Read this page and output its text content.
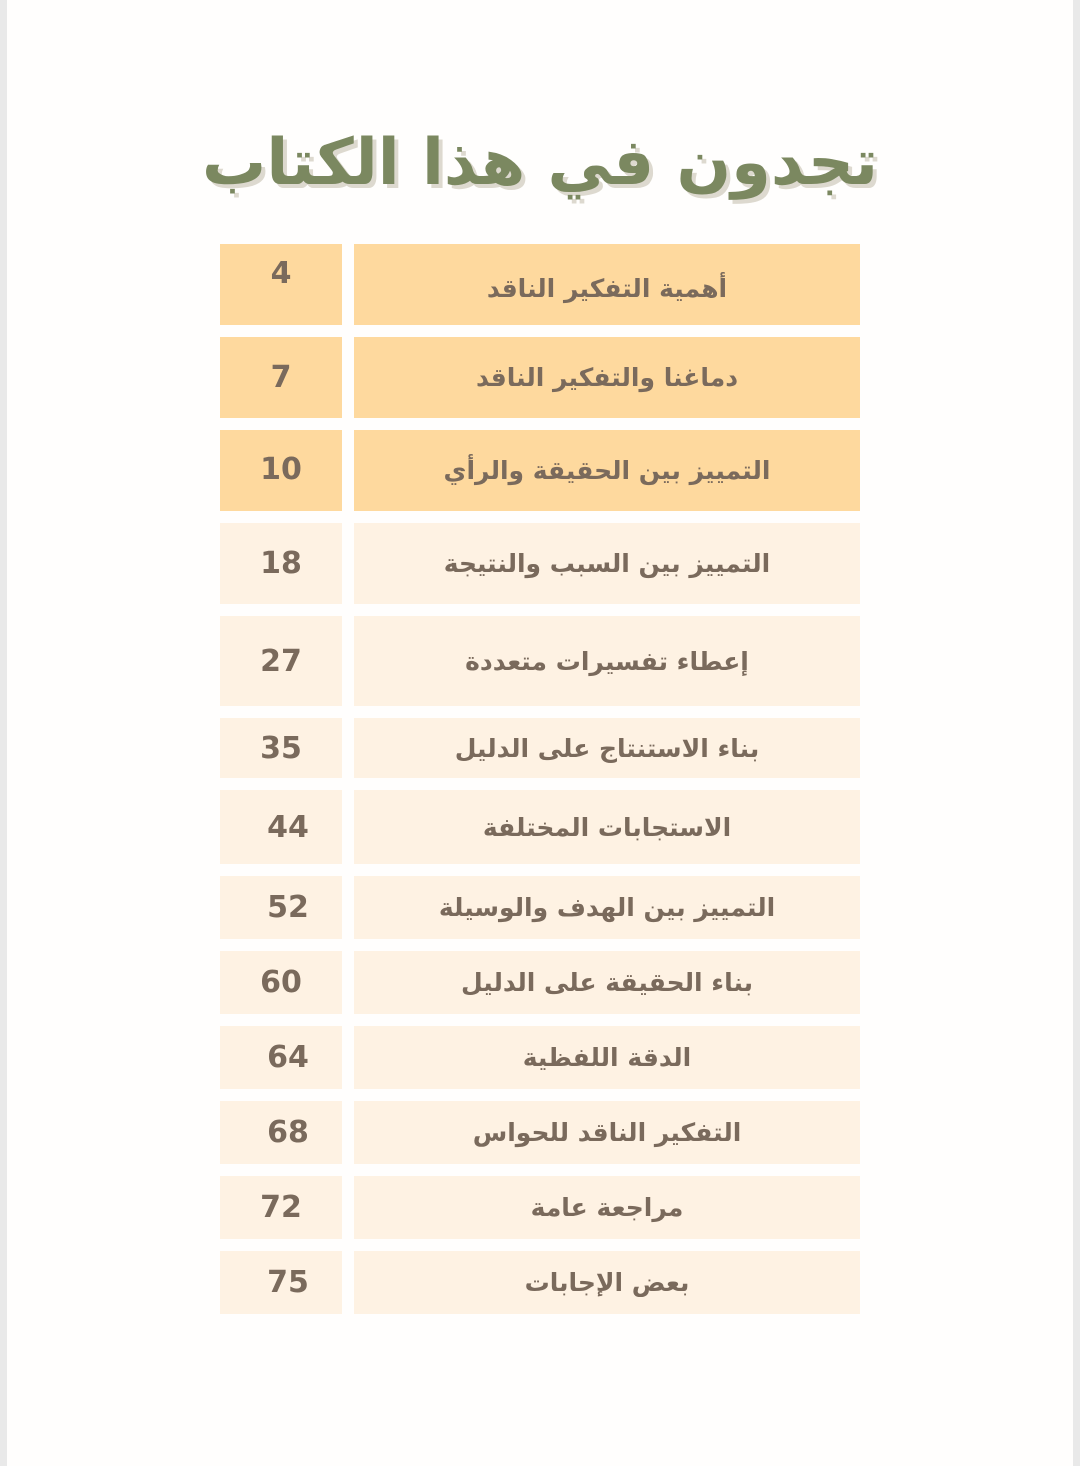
تجدون في هذا الكتاب
4	أهمية التفكير الناقد
7	دماغنا والتفكير الناقد
10	التمييز بين الحقيقة والرأي
18	التمييز بين السبب والنتيجة
27	إعطاء تفسيرات متعددة
35	بناء الاستنتاج على الدليل
44	الاستجابات المختلفة
52	التمييز بين الهدف والوسيلة
60	بناء الحقيقة على الدليل
64	الدقة اللفظية
68	التفكير الناقد للحواس
72	مراجعة عامة
75	بعض الإجابات
